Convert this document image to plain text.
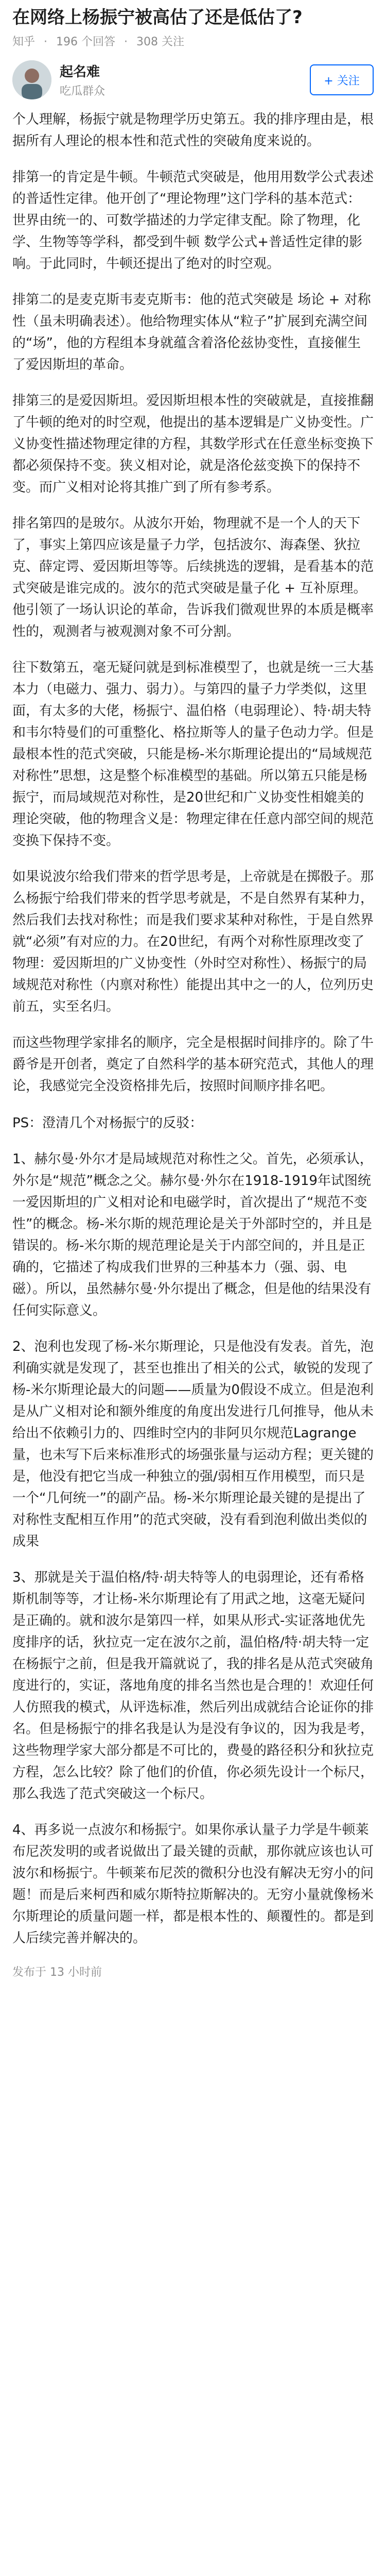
在网络上杨振宁被高估了还是低估了?
知乎 · 196 个回答 · 308 关注
起名难
吃瓜群众
+ 关注

个人理解，杨振宁就是物理学历史第五。我的排序理由是，根据所有人理论的根本性和范式性的突破角度来说的。

排第一的肯定是牛顿。牛顿范式突破是，他用用数学公式表述的普适性定律。他开创了“理论物理”这门学科的基本范式：世界由统一的、可数学描述的力学定律支配。除了物理，化学、生物等等学科，都受到牛顿 数学公式+普适性定律的影响。于此同时，牛顿还提出了绝对的时空观。

排第二的是麦克斯韦麦克斯韦：他的范式突破是 场论 + 对称性（虽未明确表述）。他给物理实体从“粒子”扩展到充满空间的“场”，他的方程组本身就蕴含着洛伦兹协变性，直接催生了爱因斯坦的革命。

排第三的是爱因斯坦。爱因斯坦根本性的突破就是，直接推翻了牛顿的绝对的时空观，他提出的基本逻辑是广义协变性。广义协变性描述物理定律的方程，其数学形式在任意坐标变换下都必须保持不变。狭义相对论，就是洛伦兹变换下的保持不变。而广义相对论将其推广到了所有参考系。

排名第四的是玻尔。从波尔开始，物理就不是一个人的天下了，事实上第四应该是量子力学，包括波尔、海森堡、狄拉克、薛定谔、爱因斯坦等等。后续挑选的逻辑，是看基本的范式突破是谁完成的。波尔的范式突破是量子化 + 互补原理。他引领了一场认识论的革命，告诉我们微观世界的本质是概率性的，观测者与被观测对象不可分割。

往下数第五，毫无疑问就是到标准模型了，也就是统一三大基本力（电磁力、强力、弱力）。与第四的量子力学类似，这里面，有太多的大佬，杨振宁、温伯格（电弱理论）、特·胡夫特和韦尔特曼们的可重整化、格拉斯等人的量子色动力学。但是最根本性的范式突破，只能是杨-米尔斯理论提出的“局域规范对称性”思想，这是整个标准模型的基础。所以第五只能是杨振宁，而局域规范对称性，是20世纪和广义协变性相媲美的理论突破，他的物理含义是：物理定律在任意内部空间的规范变换下保持不变。

如果说波尔给我们带来的哲学思考是，上帝就是在掷骰子。那么杨振宁给我们带来的哲学思考就是，不是自然界有某种力，然后我们去找对称性；而是我们要求某种对称性，于是自然界就“必须”有对应的力。在20世纪，有两个对称性原理改变了物理：爱因斯坦的广义协变性（外时空对称性）、杨振宁的局域规范对称性（内禀对称性）能提出其中之一的人，位列历史前五，实至名归。

而这些物理学家排名的顺序，完全是根据时间排序的。除了牛爵爷是开创者，奠定了自然科学的基本研究范式，其他人的理论，我感觉完全没资格排先后，按照时间顺序排名吧。

PS：澄清几个对杨振宁的反驳：

1、赫尔曼·外尔才是局域规范对称性之父。首先，必须承认，外尔是“规范”概念之父。赫尔曼·外尔在1918-1919年试图统一爱因斯坦的广义相对论和电磁学时，首次提出了“规范不变性”的概念。杨-米尔斯的规范理论是关于外部时空的，并且是错误的。杨-米尔斯的规范理论是关于内部空间的，并且是正确的，它描述了构成我们世界的三种基本力（强、弱、电磁）。所以，虽然赫尔曼·外尔提出了概念，但是他的结果没有任何实际意义。

2、泡利也发现了杨-米尔斯理论，只是他没有发表。首先，泡利确实就是发现了，甚至也推出了相关的公式，敏锐的发现了杨-米尔斯理论最大的问题——质量为0假设不成立。但是泡利是从广义相对论和额外维度的角度出发进行几何推导，他从未给出不依赖引力的、四维时空内的非阿贝尔规范Lagrange量，也未写下后来标准形式的场强张量与运动方程；更关键的是，他没有把它当成一种独立的强/弱相互作用模型，而只是一个“几何统一”的副产品。杨-米尔斯理论最关键的是提出了对称性支配相互作用”的范式突破，没有看到泡利做出类似的成果

3、那就是关于温伯格/特·胡夫特等人的电弱理论，还有希格斯机制等等，才让杨-米尔斯理论有了用武之地，这毫无疑问是正确的。就和波尔是第四一样，如果从形式-实证落地优先度排序的话，狄拉克一定在波尔之前，温伯格/特·胡夫特一定在杨振宁之前，但是我开篇就说了，我的排名是从范式突破角度进行的，实证，落地角度的排名当然也是合理的！欢迎任何人仿照我的模式，从评选标准，然后列出成就结合论证你的排名。但是杨振宁的排名我是认为是没有争议的，因为我是考，这些物理学家大部分都是不可比的，费曼的路径积分和狄拉克方程，怎么比较？除了他们的价值，你必须先设计一个标尺，那么我选了范式突破这一个标尺。

4、再多说一点波尔和杨振宁。如果你承认量子力学是牛顿莱布尼茨发明的或者说做出了最关键的贡献，那你就应该也认可波尔和杨振宁。牛顿莱布尼茨的微积分也没有解决无穷小的问题！而是后来柯西和威尔斯特拉斯解决的。无穷小量就像杨米尔斯理论的质量问题一样，都是根本性的、颠覆性的。都是到人后续完善并解决的。

发布于 13 小时前
